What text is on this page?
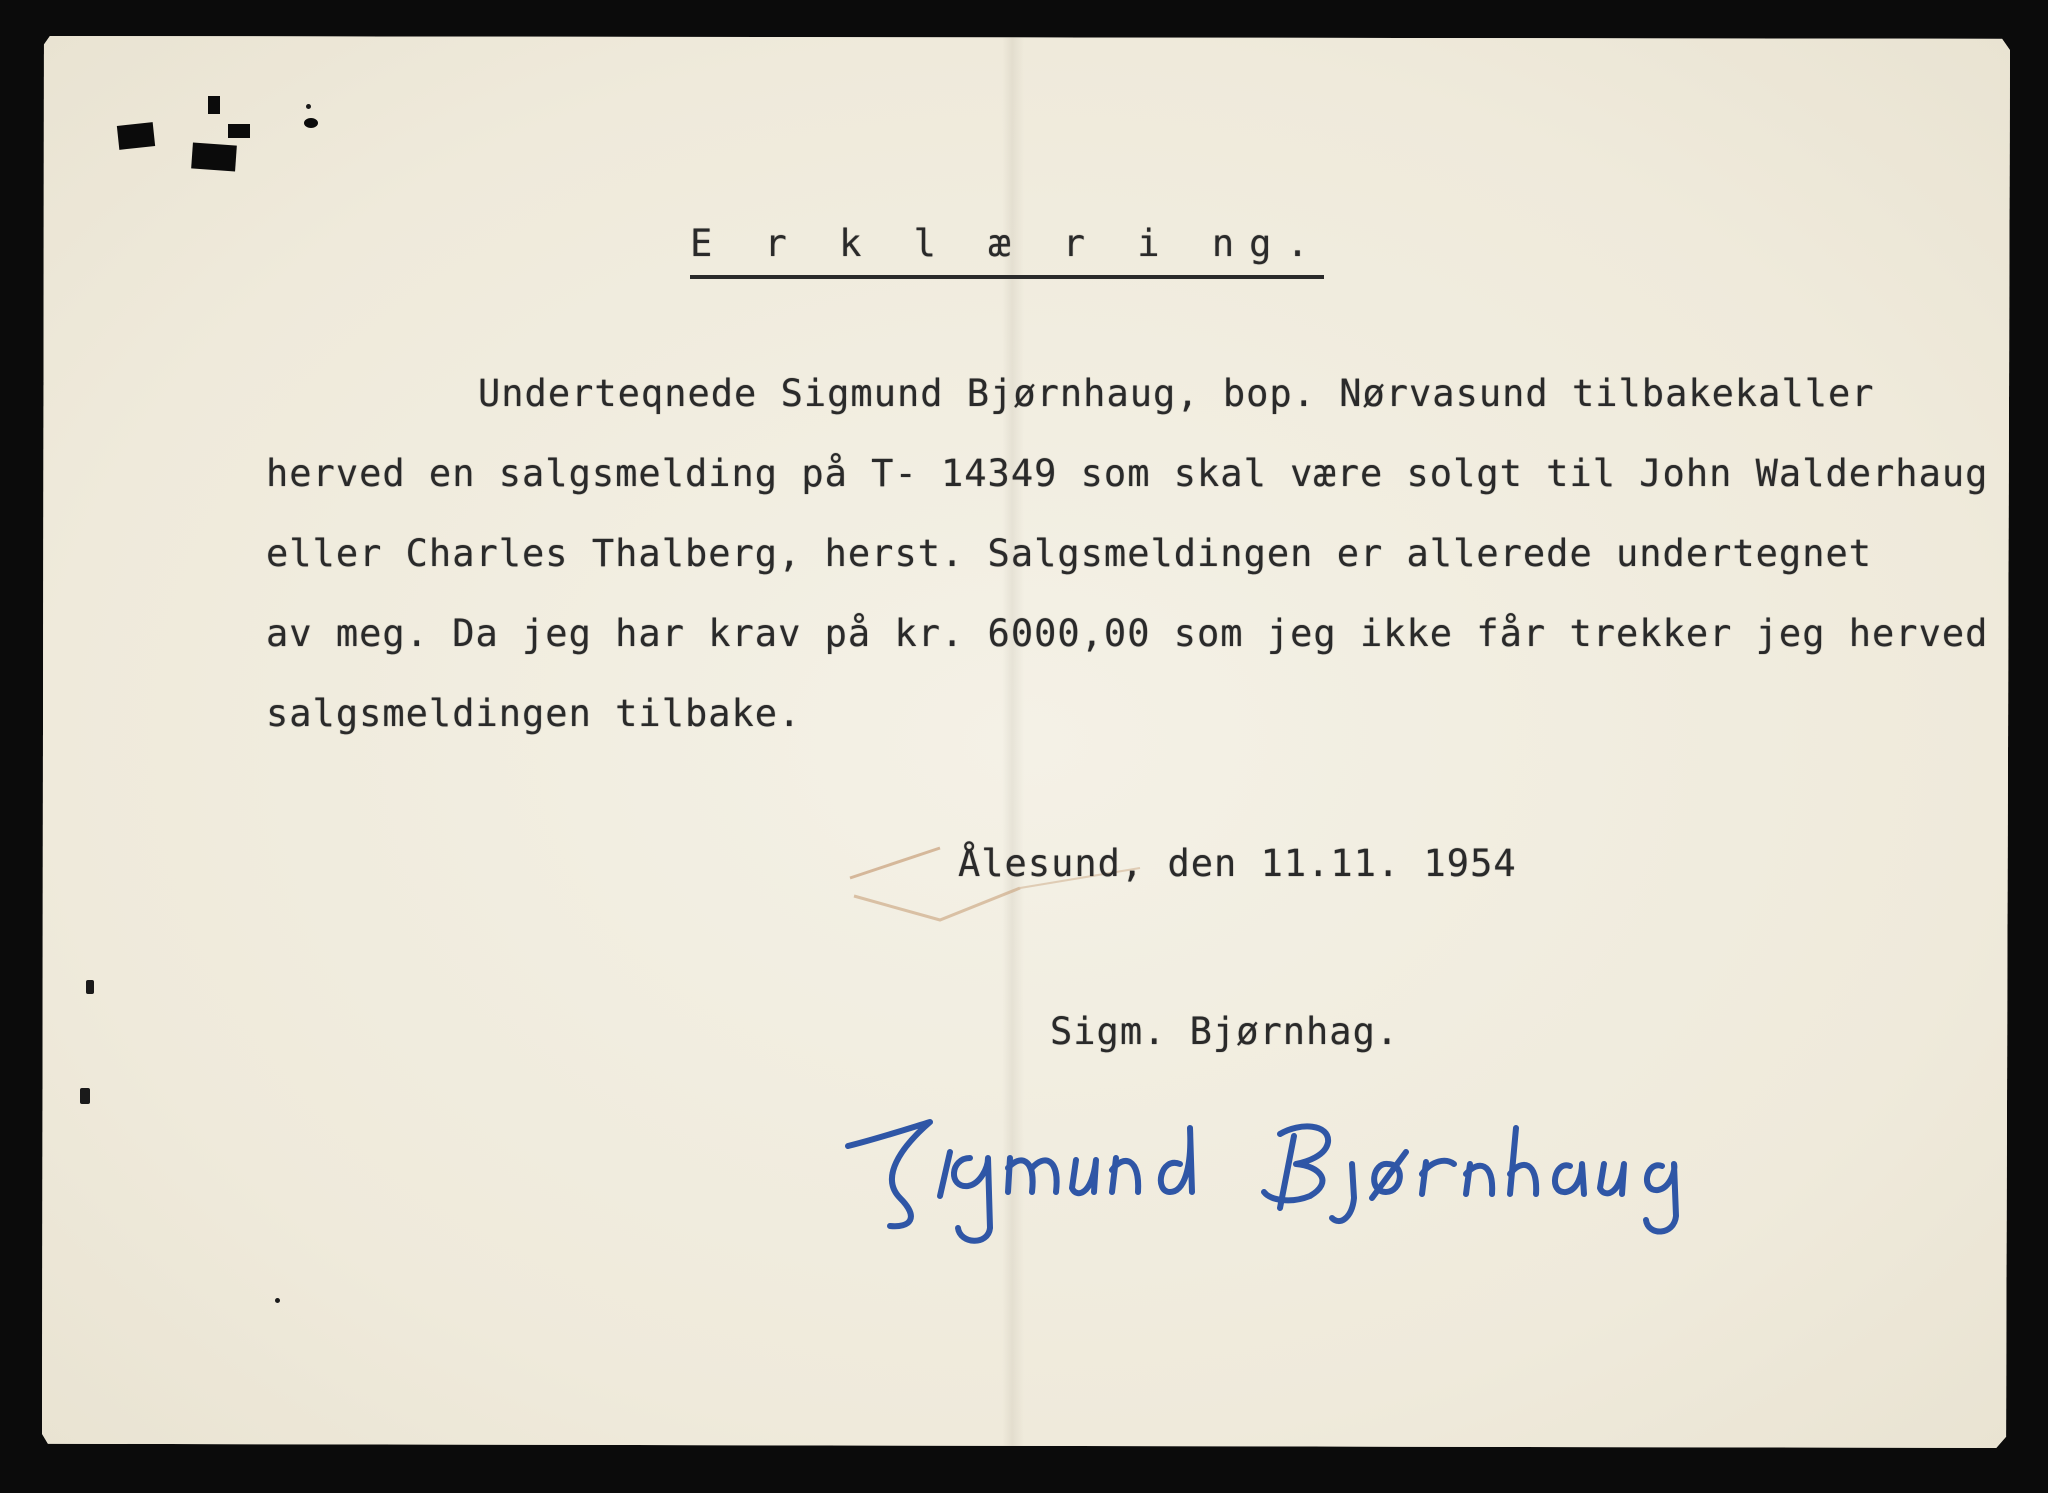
E r k l æ r i ng.
Underteqnede Sigmund Bjørnhaug, bop. Nørvasund tilbakekaller
herved en salgsmelding på T- 14349 som skal være solgt til John Walderhaug
eller Charles Thalberg, herst. Salgsmeldingen er allerede undertegnet
av meg. Da jeg har krav på kr. 6000,00 som jeg ikke får trekker jeg herved
salgsmeldingen tilbake.
Ålesund, den 11.11. 1954
Sigm. Bjørnhag.
